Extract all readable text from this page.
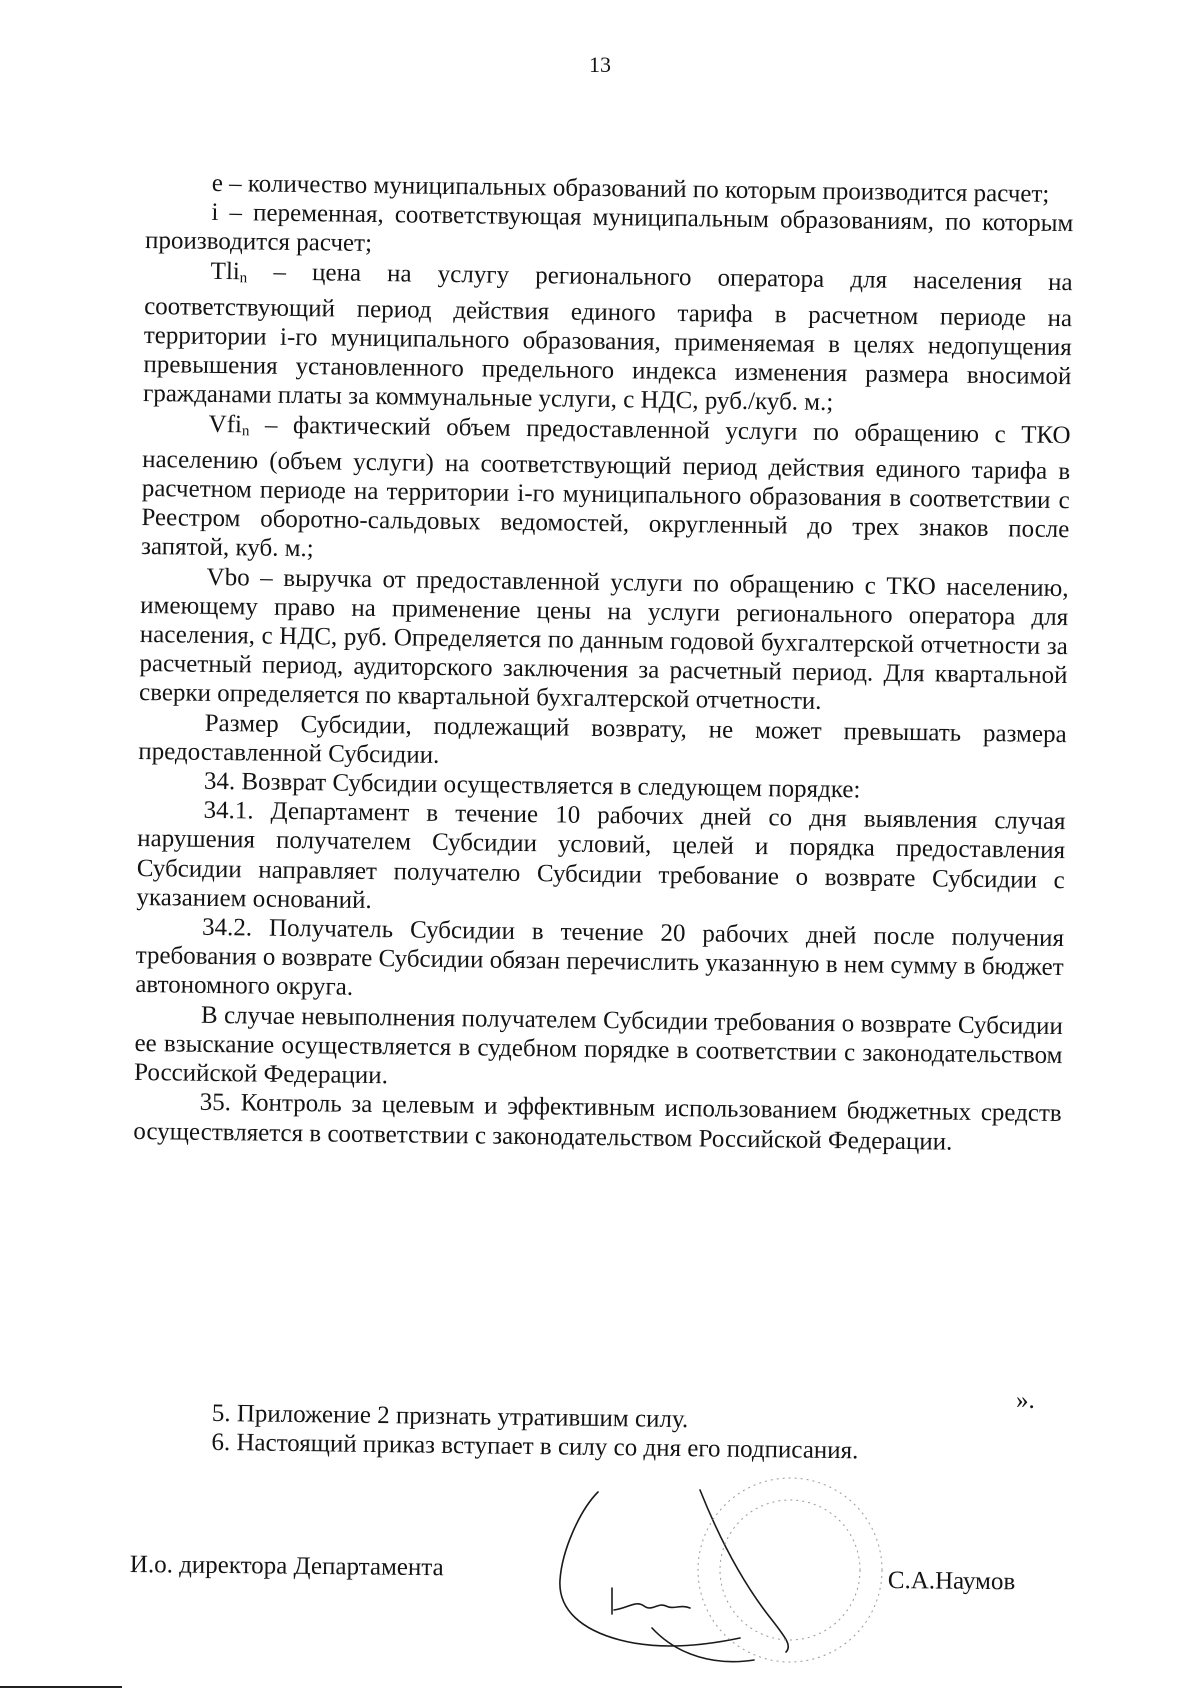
13

e – количество муниципальных образований по которым производится расчет;

i – переменная, соответствующая муниципальным образованиям, по которым производится расчет;

Tli$_n$ – цена на услугу регионального оператора для населения на соответствующий период действия единого тарифа в расчетном периоде на территории i-го муниципального образования, применяемая в целях недопущения превышения установленного предельного индекса изменения размера вносимой гражданами платы за коммунальные услуги, с НДС, руб./куб. м.;

Vfi$_n$ – фактический объем предоставленной услуги по обращению с ТКО населению (объем услуги) на соответствующий период действия единого тарифа в расчетном периоде на территории i-го муниципального образования в соответствии с Реестром оборотно-сальдовых ведомостей, округленный до трех знаков после запятой, куб. м.;

Vbo – выручка от предоставленной услуги по обращению с ТКО населению, имеющему право на применение цены на услуги регионального оператора для населения, с НДС, руб. Определяется по данным годовой бухгалтерской отчетности за расчетный период, аудиторского заключения за расчетный период. Для квартальной сверки определяется по квартальной бухгалтерской отчетности.

Размер Субсидии, подлежащий возврату, не может превышать размера предоставленной Субсидии.

34. Возврат Субсидии осуществляется в следующем порядке:

34.1. Департамент в течение 10 рабочих дней со дня выявления случая нарушения получателем Субсидии условий, целей и порядка предоставления Субсидии направляет получателю Субсидии требование о возврате Субсидии с указанием оснований.

34.2. Получатель Субсидии в течение 20 рабочих дней после получения требования о возврате Субсидии обязан перечислить указанную в нем сумму в бюджет автономного округа.

В случае невыполнения получателем Субсидии требования о возврате Субсидии ее взыскание осуществляется в судебном порядке в соответствии с законодательством Российской Федерации.

35. Контроль за целевым и эффективным использованием бюджетных средств осуществляется в соответствии с законодательством Российской Федерации.

».

5. Приложение 2 признать утратившим силу.

6. Настоящий приказ вступает в силу со дня его подписания.

И.о. директора Департамента	С.А.Наумов
